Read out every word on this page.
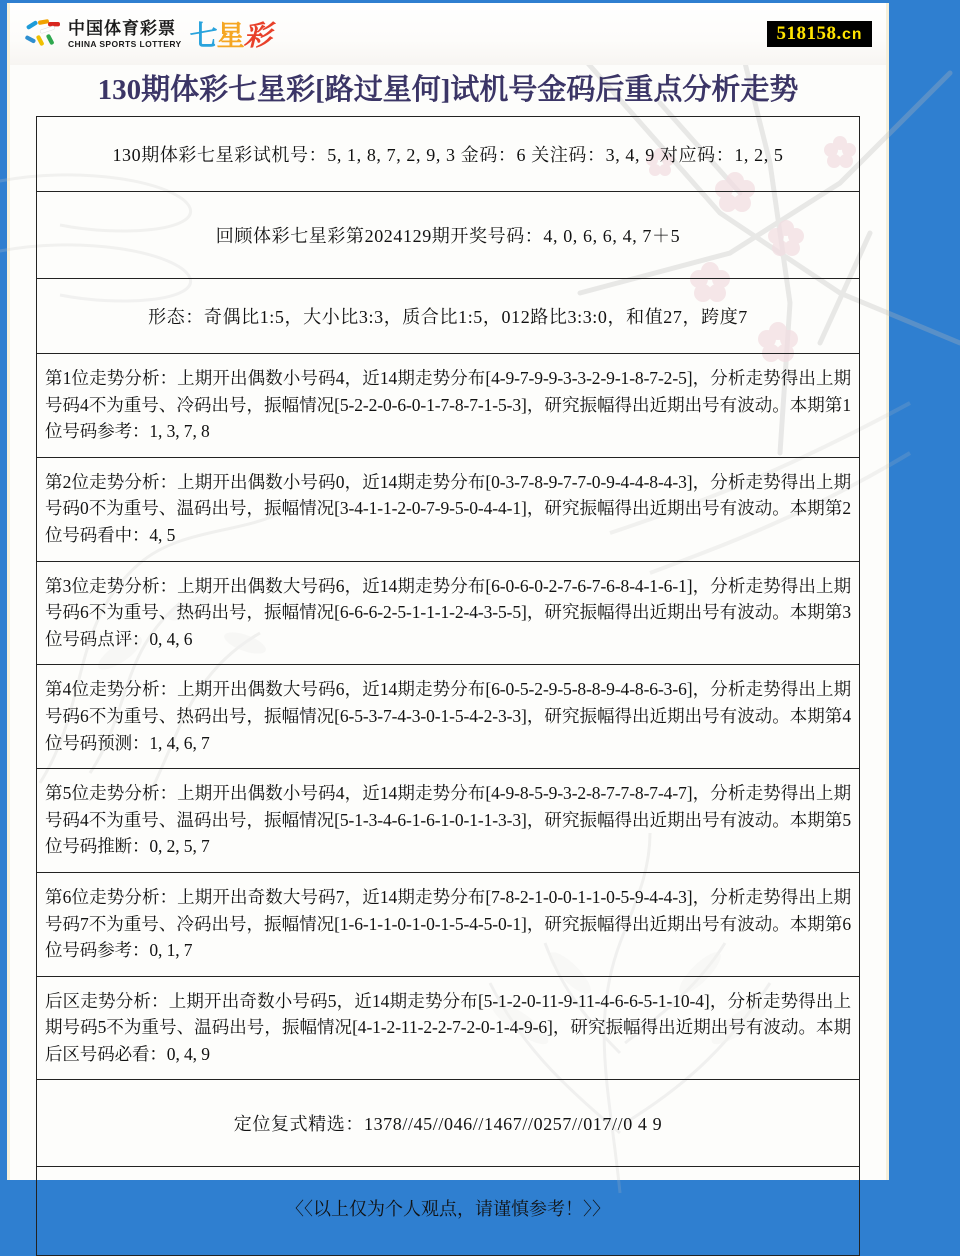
中国体育彩票
CHINA SPORTS LOTTERY 七星彩	518158.cn
130期体彩七星彩[路过星何]试机号金码后重点分析走势
130期体彩七星彩试机号：5, 1, 8, 7, 2, 9, 3 金码：6 关注码：3, 4, 9 对应码：1, 2, 5
回顾体彩七星彩第2024129期开奖号码：4, 0, 6, 6, 4, 7＋5
形态：奇偶比1:5，大小比3:3，质合比1:5，012路比3:3:0，和值27，跨度7
第1位走势分析：上期开出偶数小号码4，近14期走势分布[4-9-7-9-9-3-3-2-9-1-8-7-2-5]，分析走势得出上期号码4不为重号、冷码出号，振幅情况[5-2-2-0-6-0-1-7-8-7-1-5-3]，研究振幅得出近期出号有波动。本期第1位号码参考：1, 3, 7, 8
第2位走势分析：上期开出偶数小号码0，近14期走势分布[0-3-7-8-9-7-7-0-9-4-4-8-4-3]，分析走势得出上期号码0不为重号、温码出号，振幅情况[3-4-1-1-2-0-7-9-5-0-4-4-1]，研究振幅得出近期出号有波动。本期第2位号码看中：4, 5
第3位走势分析：上期开出偶数大号码6，近14期走势分布[6-0-6-0-2-7-6-7-6-8-4-1-6-1]，分析走势得出上期号码6不为重号、热码出号，振幅情况[6-6-6-2-5-1-1-1-2-4-3-5-5]，研究振幅得出近期出号有波动。本期第3位号码点评：0, 4, 6
第4位走势分析：上期开出偶数大号码6，近14期走势分布[6-0-5-2-9-5-8-8-9-4-8-6-3-6]，分析走势得出上期号码6不为重号、热码出号，振幅情况[6-5-3-7-4-3-0-1-5-4-2-3-3]，研究振幅得出近期出号有波动。本期第4位号码预测：1, 4, 6, 7
第5位走势分析：上期开出偶数小号码4，近14期走势分布[4-9-8-5-9-3-2-8-7-7-8-7-4-7]，分析走势得出上期号码4不为重号、温码出号，振幅情况[5-1-3-4-6-1-6-1-0-1-1-3-3]，研究振幅得出近期出号有波动。本期第5位号码推断：0, 2, 5, 7
第6位走势分析：上期开出奇数大号码7，近14期走势分布[7-8-2-1-0-0-1-1-0-5-9-4-4-3]，分析走势得出上期号码7不为重号、冷码出号，振幅情况[1-6-1-1-0-1-0-1-5-4-5-0-1]，研究振幅得出近期出号有波动。本期第6位号码参考：0, 1, 7
后区走势分析：上期开出奇数小号码5，近14期走势分布[5-1-2-0-11-9-11-4-6-6-5-1-10-4]，分析走势得出上期号码5不为重号、温码出号，振幅情况[4-1-2-11-2-2-7-2-0-1-4-9-6]，研究振幅得出近期出号有波动。本期后区号码必看：0, 4, 9
定位复式精选：1378//45//046//1467//0257//017//0 4 9
〈〈以上仅为个人观点，请谨慎参考！〉〉
